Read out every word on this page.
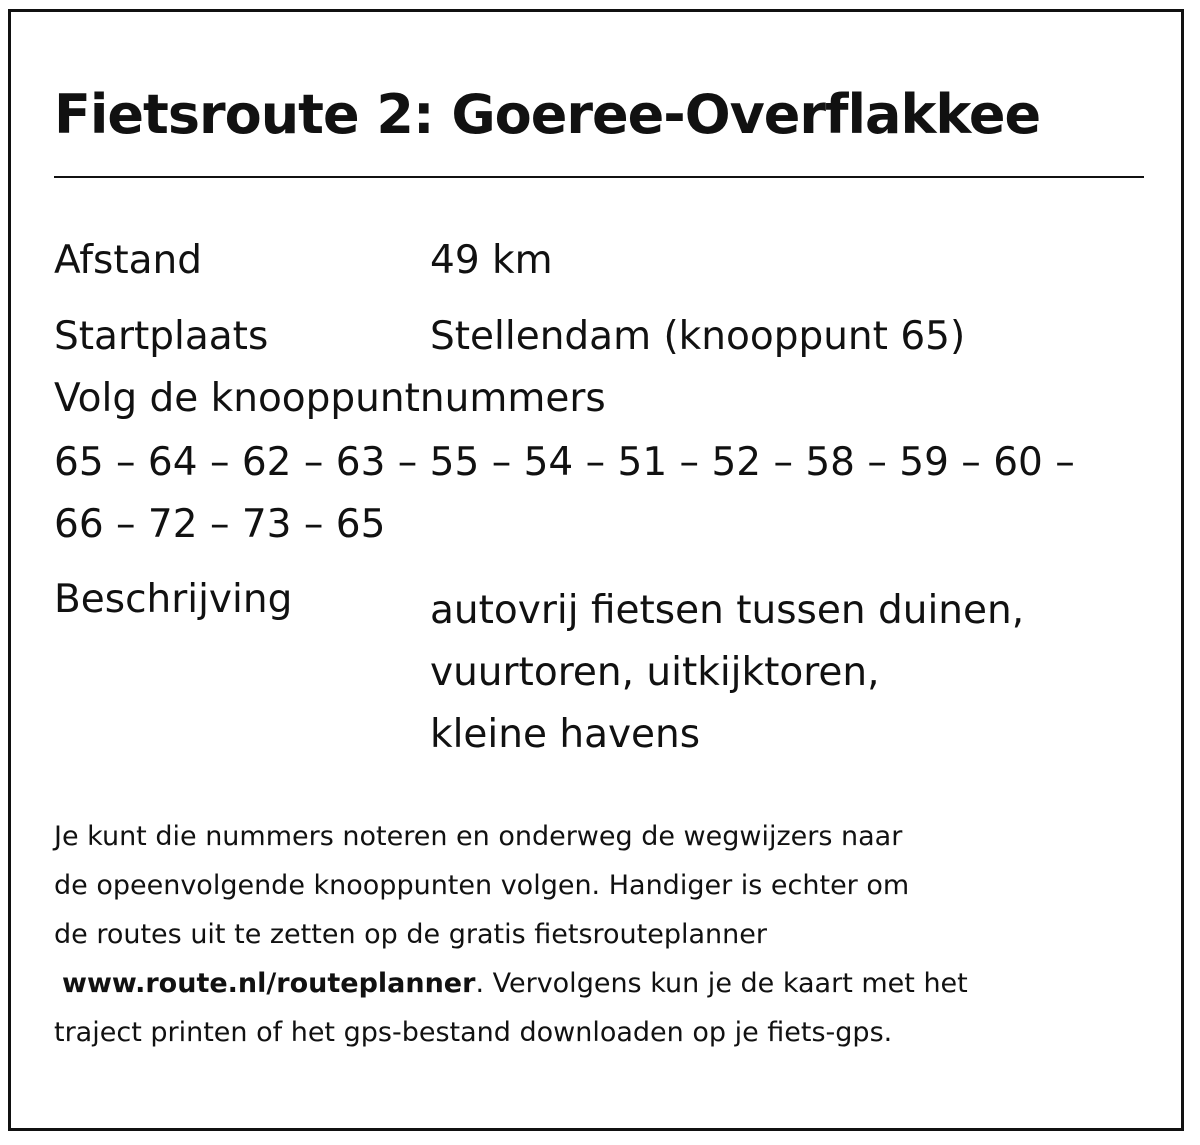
Fietsroute 2: Goeree-Overflakkee
Afstand	49 km
Startplaats	Stellendam (knooppunt 65)
Volg de knooppuntnummers
65 – 64 – 62 – 63 – 55 – 54 – 51 – 52 – 58 – 59 – 60 –
66 – 72 – 73 – 65
Beschrijving	autovrij fietsen tussen duinen,
vuurtoren, uitkijktoren,
kleine havens
Je kunt die nummers noteren en onderweg de wegwijzers naar
de opeenvolgende knooppunten volgen. Handiger is echter om
de routes uit te zetten op de gratis fietsrouteplanner
www.route.nl/routeplanner. Vervolgens kun je de kaart met het
traject printen of het gps-bestand downloaden op je fiets-gps.
